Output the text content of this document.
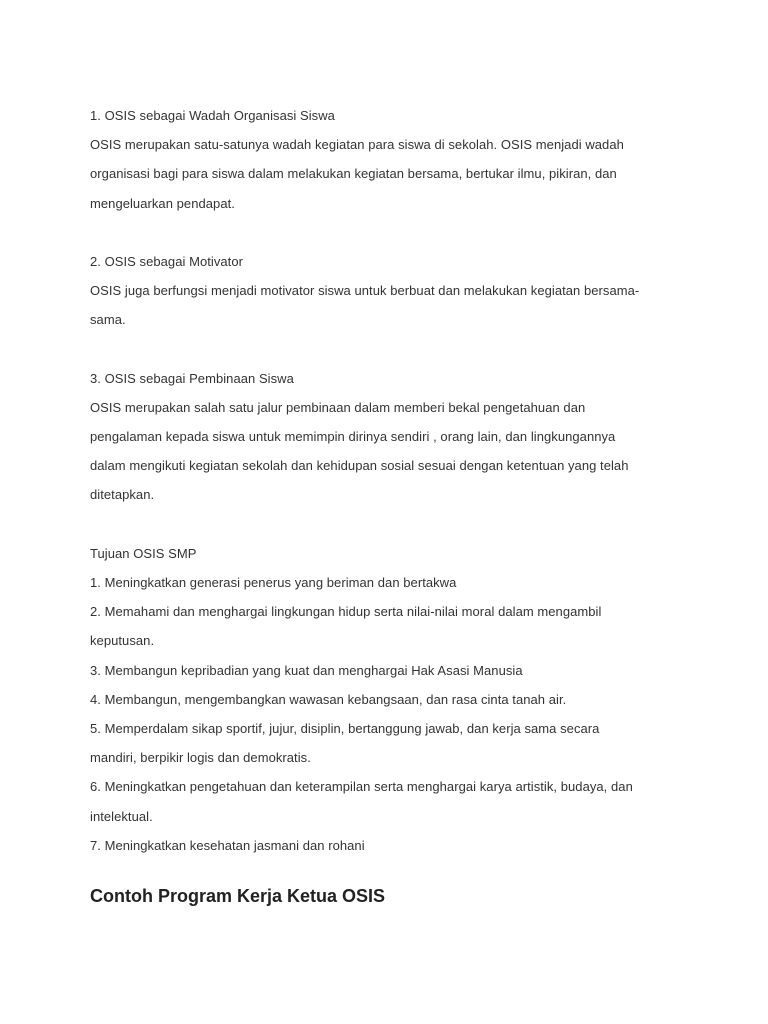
1. OSIS sebagai Wadah Organisasi Siswa
OSIS merupakan satu-satunya wadah kegiatan para siswa di sekolah. OSIS menjadi wadah
organisasi bagi para siswa dalam melakukan kegiatan bersama, bertukar ilmu, pikiran, dan
mengeluarkan pendapat.
2. OSIS sebagai Motivator
OSIS juga berfungsi menjadi motivator siswa untuk berbuat dan melakukan kegiatan bersama-
sama.
3. OSIS sebagai Pembinaan Siswa
OSIS merupakan salah satu jalur pembinaan dalam memberi bekal pengetahuan dan
pengalaman kepada siswa untuk memimpin dirinya sendiri , orang lain, dan lingkungannya
dalam mengikuti kegiatan sekolah dan kehidupan sosial sesuai dengan ketentuan yang telah
ditetapkan.
Tujuan OSIS SMP
1. Meningkatkan generasi penerus yang beriman dan bertakwa
2. Memahami dan menghargai lingkungan hidup serta nilai-nilai moral dalam mengambil
keputusan.
3. Membangun kepribadian yang kuat dan menghargai Hak Asasi Manusia
4. Membangun, mengembangkan wawasan kebangsaan, dan rasa cinta tanah air.
5. Memperdalam sikap sportif, jujur, disiplin, bertanggung jawab, dan kerja sama secara
mandiri, berpikir logis dan demokratis.
6. Meningkatkan pengetahuan dan keterampilan serta menghargai karya artistik, budaya, dan
intelektual.
7. Meningkatkan kesehatan jasmani dan rohani
Contoh Program Kerja Ketua OSIS
